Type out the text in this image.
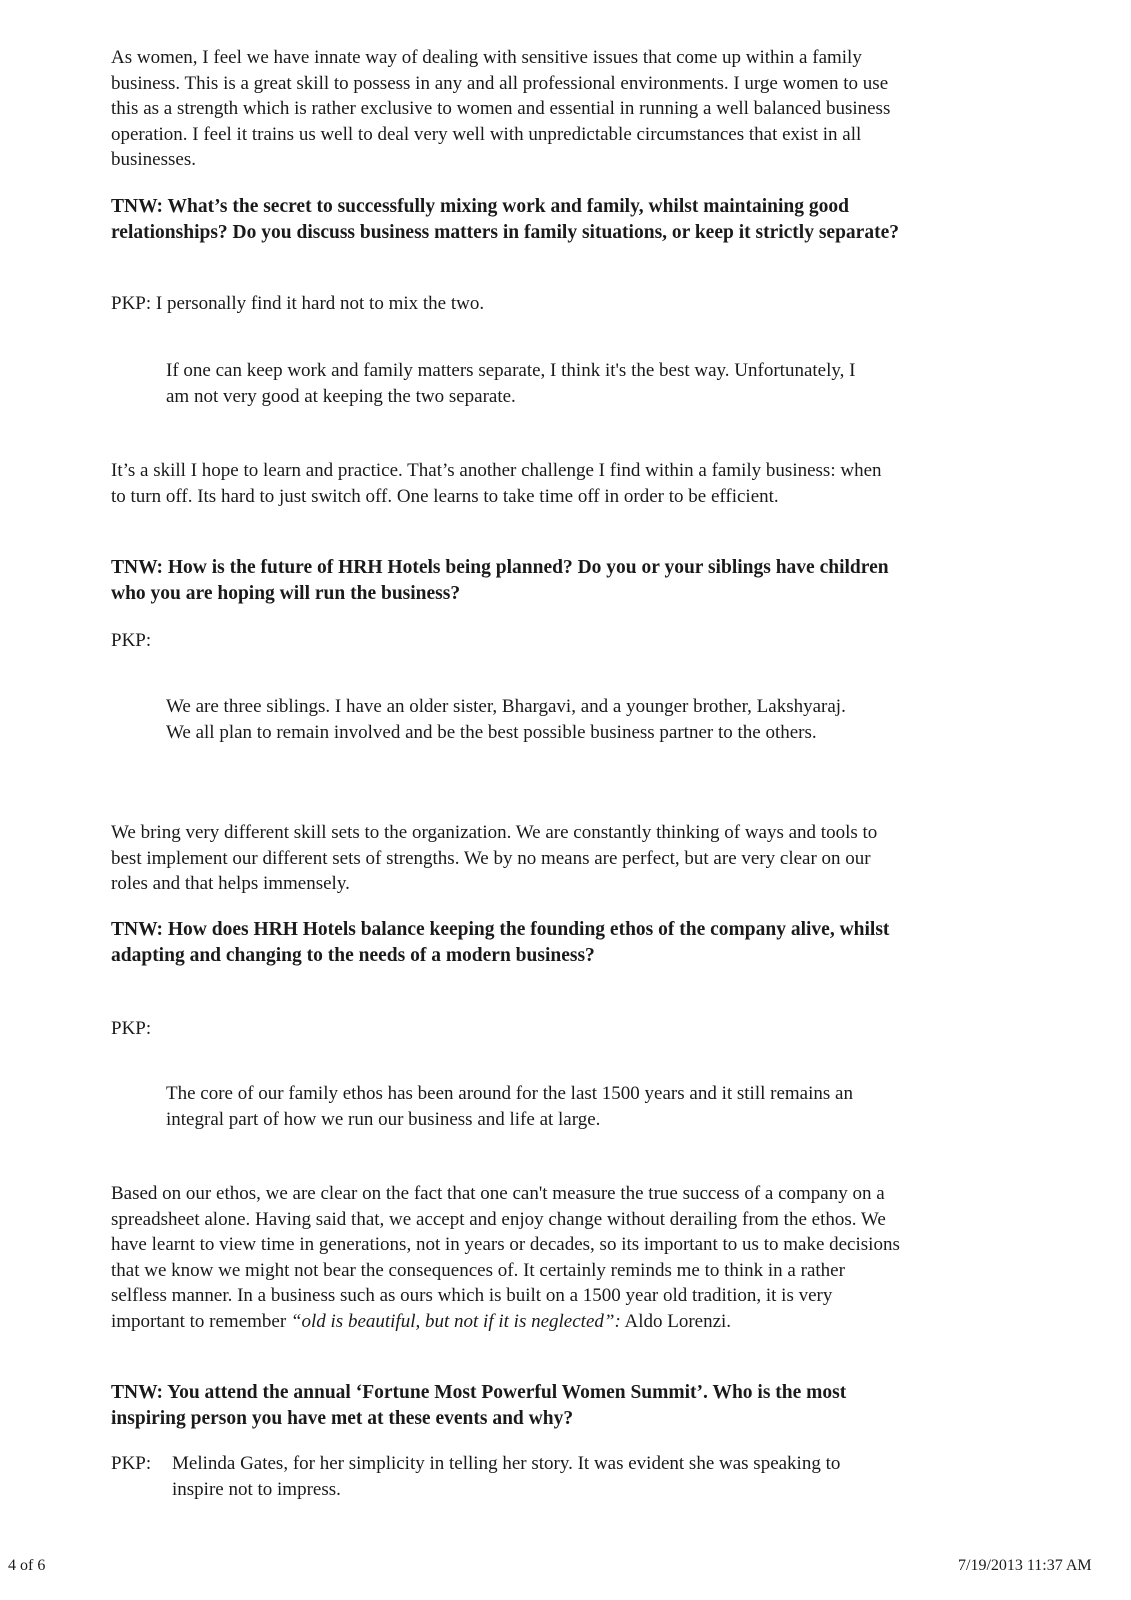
As women, I feel we have innate way of dealing with sensitive issues that come up within a family business. This is a great skill to possess in any and all professional environments. I urge women to use this as a strength which is rather exclusive to women and essential in running a well balanced business operation. I feel it trains us well to deal very well with unpredictable circumstances that exist in all businesses.

TNW: What’s the secret to successfully mixing work and family, whilst maintaining good relationships? Do you discuss business matters in family situations, or keep it strictly separate?

PKP: I personally find it hard not to mix the two.

If one can keep work and family matters separate, I think it's the best way. Unfortunately, I am not very good at keeping the two separate.

It’s a skill I hope to learn and practice. That’s another challenge I find within a family business: when to turn off. Its hard to just switch off. One learns to take time off in order to be efficient.

TNW: How is the future of HRH Hotels being planned? Do you or your siblings have children who you are hoping will run the business?

PKP:

We are three siblings. I have an older sister, Bhargavi, and a younger brother, Lakshyaraj. We all plan to remain involved and be the best possible business partner to the others.

We bring very different skill sets to the organization. We are constantly thinking of ways and tools to best implement our different sets of strengths. We by no means are perfect, but are very clear on our roles and that helps immensely.

TNW: How does HRH Hotels balance keeping the founding ethos of the company alive, whilst adapting and changing to the needs of a modern business?

PKP:

The core of our family ethos has been around for the last 1500 years and it still remains an integral part of how we run our business and life at large.

Based on our ethos, we are clear on the fact that one can't measure the true success of a company on a spreadsheet alone. Having said that, we accept and enjoy change without derailing from the ethos. We have learnt to view time in generations, not in years or decades, so its important to us to make decisions that we know we might not bear the consequences of. It certainly reminds me to think in a rather selfless manner. In a business such as ours which is built on a 1500 year old tradition, it is very important to remember “old is beautiful, but not if it is neglected”: Aldo Lorenzi.

TNW: You attend the annual ‘Fortune Most Powerful Women Summit’. Who is the most inspiring person you have met at these events and why?

PKP: Melinda Gates, for her simplicity in telling her story. It was evident she was speaking to inspire not to impress.
4 of 6	7/19/2013 11:37 AM
